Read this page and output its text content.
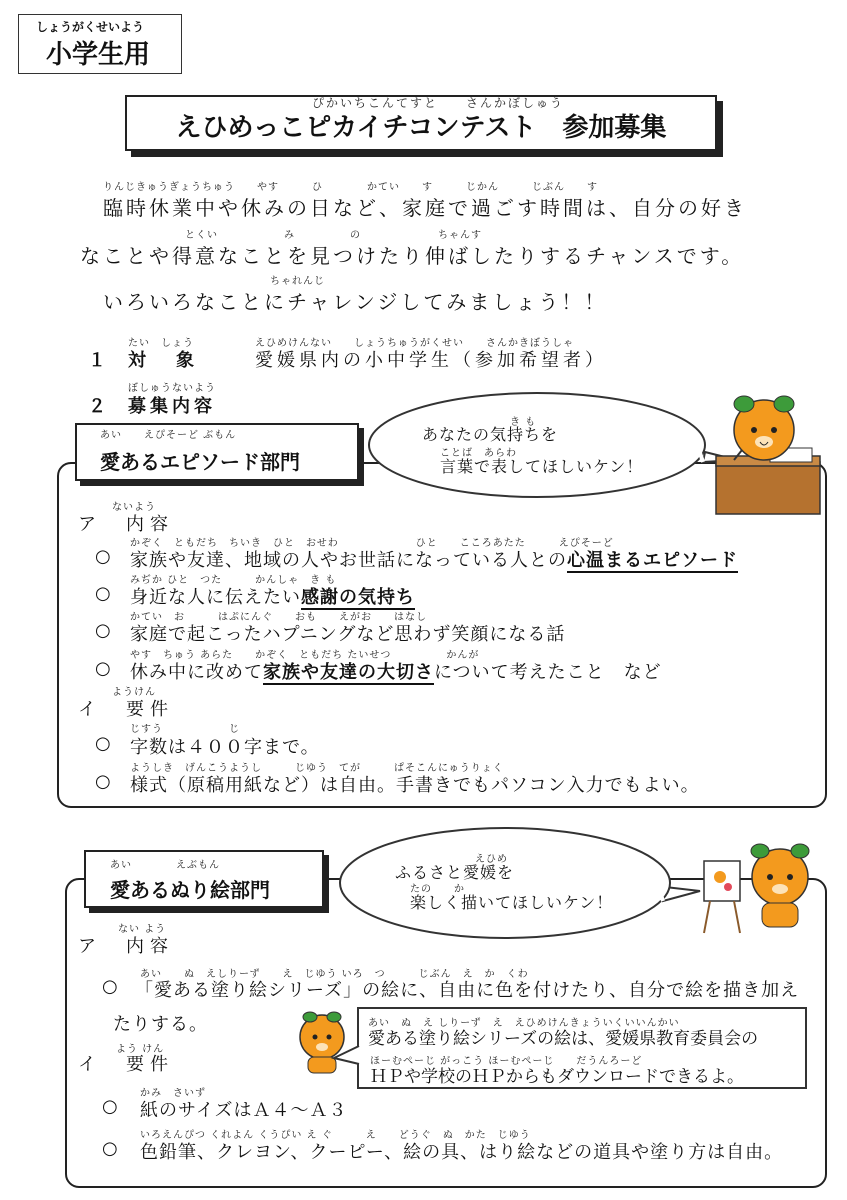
しょうがくせいよう
小学生用
ぴかいちこんてすと　　さんかぼしゅう
えひめっこピカイチコンテスト　参加募集
りんじきゅうぎょうちゅう　　やす　　　ひ　　　　かてい　　す　　　じかん　　　じぶん　　す
臨時休業中や休みの日など、家庭で過ごす時間は、自分の好き
とくい　　　　　　み　　　　　の　　　　　　　ちゃんす
なことや得意なことを見つけたり伸ばしたりするチャンスです。
ちゃれんじ
いろいろなことにチャレンジしてみましょう！！
１
たい　しょう
対　象
えひめけんない　　しょうちゅうがくせい　　さんかきぼうしゃ
愛媛県内の小中学生（参加希望者）
２
ぼしゅうないよう
募集内容
あい　　えぴそーど ぶもん
愛あるエピソード部門
き も
あなたの気持ちを
ことば　あらわ
言葉で表してほしいケン！
ないよう
ア　内容
かぞく　ともだち　ちいき　ひと　おせわ　　　　　　　ひと　　こころあたた　　　えぴそーど
○ 家族や友達、地域の人やお世話になっている人との心温まるエピソード
みぢか ひと　つた　　　かんしゃ　き も
○ 身近な人に伝えたい感謝の気持ち
かてい　お　　　はぷにんぐ　　おも　　えがお　　はなし
○ 家庭で起こったハプニングなど思わず笑顔になる話
やす　ちゅう あらた　　かぞく　ともだち たいせつ　　　　　かんが
○ 休み中に改めて家族や友達の大切さについて考えたこと　など
ようけん
イ　要件
じすう　　　　　　じ
○ 字数は４００字まで。
ようしき　げんこうようし　　　じゆう　てが　　　ぱそこんにゅうりょく
○ 様式（原稿用紙など）は自由。手書きでもパソコン入力でもよい。
あい　　　　えぶもん
愛あるぬり絵部門
えひめ
ふるさと愛媛を
たの　　か
楽しく描いてほしいケン！
ない よう
ア　内容
あい　　ぬ　えしりーず　　え　じゆう いろ　つ　　　じぶん　え　か　くわ
○ 「愛ある塗り絵シリーズ」の絵に、自由に色を付けたり、自分で絵を描き加え
たりする。	あい　ぬ　え しりーず　え　えひめけんきょういくいいんかい
愛ある塗り絵シリーズの絵は、愛媛県教育委員会の
ほーむぺーじ がっこう ほーむぺーじ　　だうんろーど
ＨＰや学校のＨＰからもダウンロードできるよ。
よう けん
イ　要件
かみ　さいず
○ 紙のサイズはＡ４～Ａ３
いろえんぴつ くれよん くうぴい え ぐ　　　え　　どうぐ　ぬ　かた　じゆう
○ 色鉛筆、クレヨン、クーピー、絵の具、はり絵などの道具や塗り方は自由。
